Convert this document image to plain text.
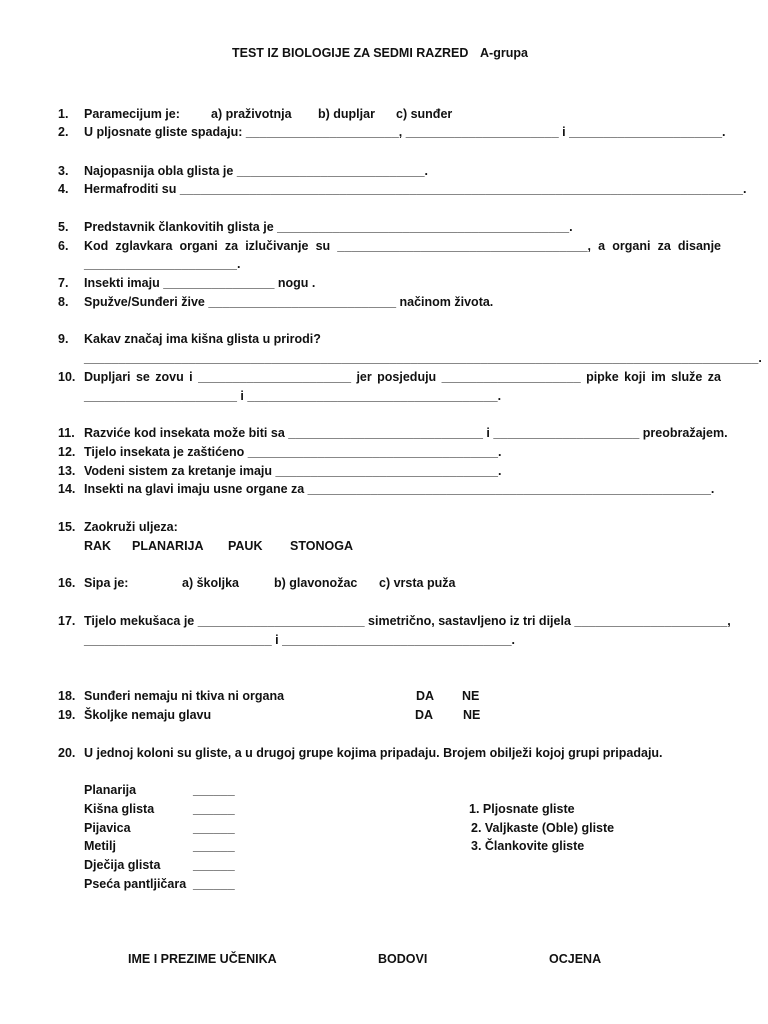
TEST IZ BIOLOGIJE ZA SEDMI RAZRED A-grupa
1.	Paramecijum je: a) praživotnja b) dupljar c) sunđer
2.	U pljosnate gliste spadaju: ______________________, ______________________ i ______________________.
3.	Najopasnija obla glista je ___________________________.
4.	Hermafroditi su _________________________________________________________________________________.
5.	Predstavnik člankovitih glista je __________________________________________.
6.	Kod zglavkara organi za izlučivanje su ____________________________________, a organi za disanje
______________________.
7.	Insekti imaju ________________ nogu .
8.	Spužve/Sunđeri žive ___________________________ načinom života.
9.	Kakav značaj ima kišna glista u prirodi?
_________________________________________________________________________________________________.
10. Dupljari se zovu i ______________________ jer posjeduju ____________________ pipke koji im služe za
______________________ i ____________________________________.
11. Razviće kod insekata može biti sa ____________________________ i _____________________ preobražajem.
12. Tijelo insekata je zaštićeno ____________________________________.
13. Vodeni sistem za kretanje imaju ________________________________.
14. Insekti na glavi imaju usne organe za __________________________________________________________.
15. Zaokruži uljeza:
RAK PLANARIJA PAUK STONOGA
16. Sipa je:	a) školjka	b) glavonožac c) vrsta puža
17. Tijelo mekušaca je ________________________ simetrično, sastavljeno iz tri dijela ______________________,
___________________________ i _________________________________.
18. Sunđeri nemaju ni tkiva ni organa	DA NE
19. Školjke nemaju glavu	DA NE
20. U jednoj koloni su gliste, a u drugoj grupe kojima pripadaju. Brojem obilježi kojoj grupi pripadaju.
Planarija	______
Kišna glista	______
Pijavica	______
Metilj	______
Dječija glista	______
Pseća pantljičara ______
1. Pljosnate gliste
2. Valjkaste (Oble) gliste
3. Člankovite gliste
IME I PREZIME UČENIKA	BODOVI	OCJENA
